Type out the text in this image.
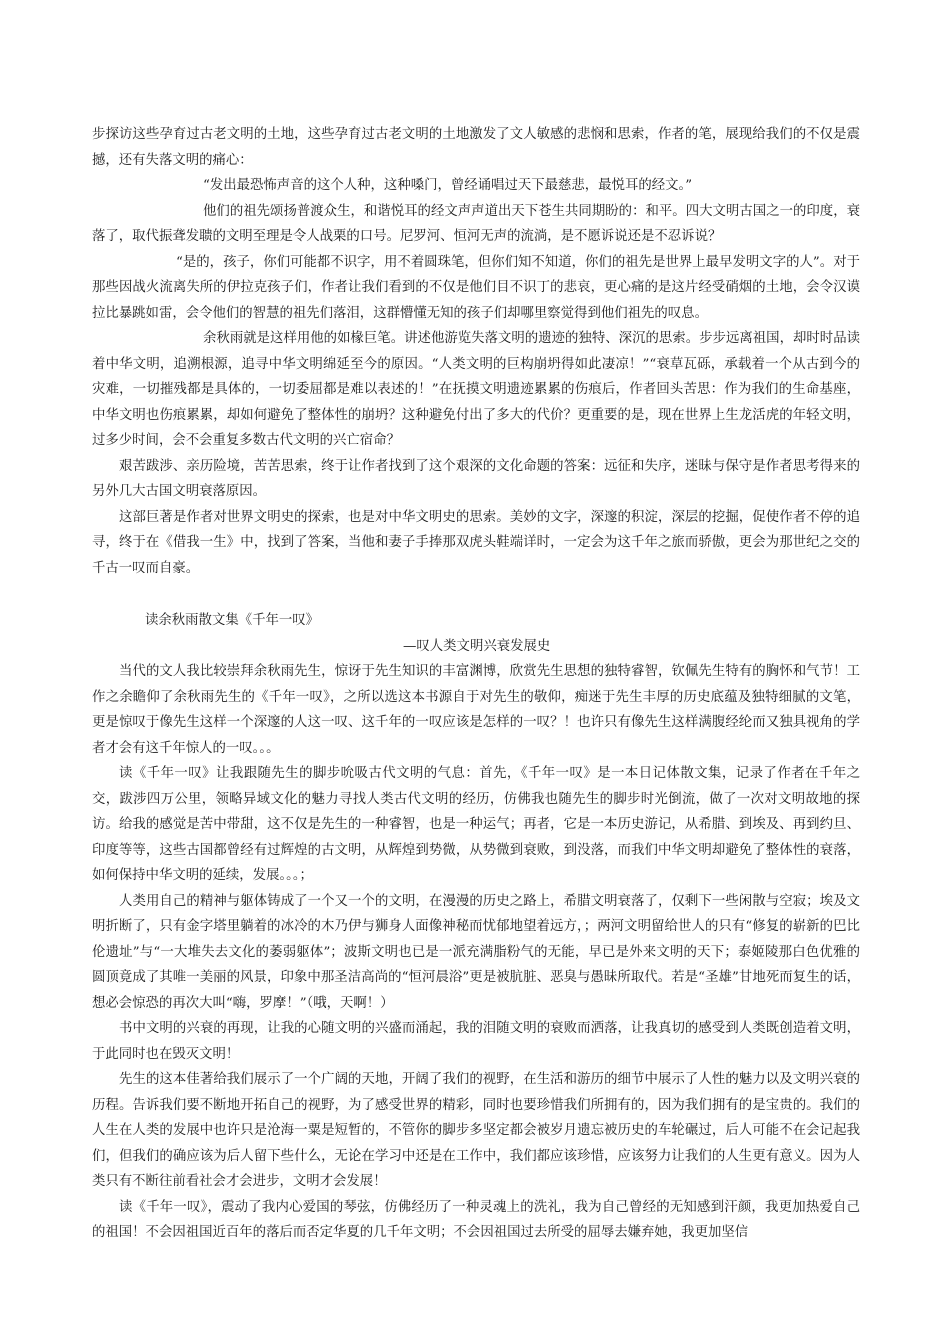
步探访这些孕育过古老文明的土地，这些孕育过古老文明的土地激发了文人敏感的悲悯和思索，作者的笔，展现给我们的不仅是震撼，还有失落文明的痛心：

“发出最恐怖声音的这个人种，这种嗓门，曾经诵唱过天下最慈悲，最悦耳的经文。”

他们的祖先颂扬普渡众生，和谐悦耳的经文声声道出天下苍生共同期盼的：和平。四大文明古国之一的印度，衰落了，取代振聋发聩的文明至理是令人战栗的口号。尼罗河、恒河无声的流淌，是不愿诉说还是不忍诉说？

“是的，孩子，你们可能都不识字，用不着圆珠笔，但你们知不知道，你们的祖先是世界上最早发明文字的人”。对于那些因战火流离失所的伊拉克孩子们，作者让我们看到的不仅是他们目不识丁的悲哀，更心痛的是这片经受硝烟的土地，会令汉谟拉比暴跳如雷，会令他们的智慧的祖先们落泪，这群懵懂无知的孩子们却哪里察觉得到他们祖先的叹息。

余秋雨就是这样用他的如椽巨笔。讲述他游览失落文明的遗迹的独特、深沉的思索。步步远离祖国，却时时品读着中华文明，追溯根源，追寻中华文明绵延至今的原因。“人类文明的巨构崩坍得如此凄凉！”“衰草瓦砾，承载着一个从古到今的灾难，一切摧残都是具体的，一切委屈都是难以表述的！”在抚摸文明遗迹累累的伤痕后，作者回头苦思：作为我们的生命基座，中华文明也伤痕累累，却如何避免了整体性的崩坍？这种避免付出了多大的代价？更重要的是，现在世界上生龙活虎的年轻文明，过多少时间，会不会重复多数古代文明的兴亡宿命？

艰苦跋涉、亲历险境，苦苦思索，终于让作者找到了这个艰深的文化命题的答案：远征和失序，迷昧与保守是作者思考得来的另外几大古国文明衰落原因。

这部巨著是作者对世界文明史的探索，也是对中华文明史的思索。美妙的文字，深邃的积淀，深层的挖掘，促使作者不停的追寻，终于在《借我一生》中，找到了答案，当他和妻子手捧那双虎头鞋端详时，一定会为这千年之旅而骄傲，更会为那世纪之交的千古一叹而自豪。

读余秋雨散文集《千年一叹》

—叹人类文明兴衰发展史

当代的文人我比较崇拜余秋雨先生，惊讶于先生知识的丰富渊博，欣赏先生思想的独特睿智，钦佩先生特有的胸怀和气节！工作之余瞻仰了余秋雨先生的《千年一叹》，之所以选这本书源自于对先生的敬仰，痴迷于先生丰厚的历史底蕴及独特细腻的文笔，更是惊叹于像先生这样一个深邃的人这一叹、这千年的一叹应该是怎样的一叹？！也许只有像先生这样满腹经纶而又独具视角的学者才会有这千年惊人的一叹。。。

读《千年一叹》让我跟随先生的脚步吮吸古代文明的气息：首先，《千年一叹》是一本日记体散文集，记录了作者在千年之交，跋涉四万公里，领略异域文化的魅力寻找人类古代文明的经历，仿佛我也随先生的脚步时光倒流，做了一次对文明故地的探访。给我的感觉是苦中带甜，这不仅是先生的一种睿智，也是一种运气；再者，它是一本历史游记，从希腊、到埃及、再到约旦、印度等等，这些古国都曾经有过辉煌的古文明，从辉煌到势微，从势微到衰败，到没落，而我们中华文明却避免了整体性的衰落，如何保持中华文明的延续，发展。。。；

人类用自己的精神与躯体铸成了一个又一个的文明，在漫漫的历史之路上，希腊文明衰落了，仅剩下一些闲散与空寂；埃及文明折断了，只有金字塔里躺着的冰冷的木乃伊与狮身人面像神秘而忧郁地望着远方，；两河文明留给世人的只有“修复的崭新的巴比伦遗址”与“一大堆失去文化的萎弱躯体”；波斯文明也已是一派充满脂粉气的无能，早已是外来文明的天下；泰姬陵那白色优雅的圆顶竟成了其唯一美丽的风景，印象中那圣洁高尚的“恒河晨浴”更是被肮脏、恶臭与愚昧所取代。若是“圣雄”甘地死而复生的话，想必会惊恐的再次大叫“嗨，罗摩！”（哦，天啊！）

书中文明的兴衰的再现，让我的心随文明的兴盛而涌起，我的泪随文明的衰败而洒落，让我真切的感受到人类既创造着文明，于此同时也在毁灭文明！

先生的这本佳著给我们展示了一个广阔的天地，开阔了我们的视野，在生活和游历的细节中展示了人性的魅力以及文明兴衰的历程。告诉我们要不断地开拓自己的视野，为了感受世界的精彩，同时也要珍惜我们所拥有的，因为我们拥有的是宝贵的。我们的人生在人类的发展中也许只是沧海一粟是短暂的，不管你的脚步多坚定都会被岁月遗忘被历史的车轮碾过，后人可能不在会记起我们，但我们的确应该为后人留下些什么，无论在学习中还是在工作中，我们都应该珍惜，应该努力让我们的人生更有意义。因为人类只有不断往前看社会才会进步，文明才会发展！

读《千年一叹》，震动了我内心爱国的琴弦，仿佛经历了一种灵魂上的洗礼，我为自己曾经的无知感到汗颜，我更加热爱自己的祖国！不会因祖国近百年的落后而否定华夏的几千年文明；不会因祖国过去所受的屈辱去嫌弃她，我更加坚信
